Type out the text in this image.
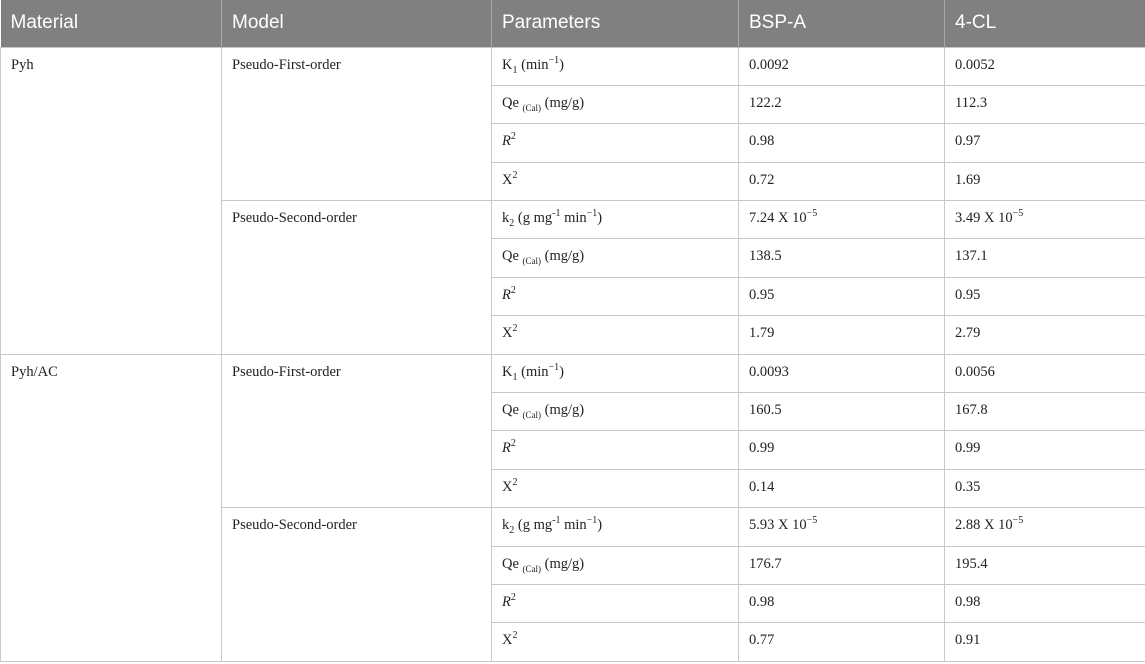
Material	Model	Parameters	BSP-A	4-CL
Pyh	Pseudo-First-order	$K_1$ $(\min^{-1})$	0.0092	0.0052
		Qe $_{(Cal)}$ (mg/g)	122.2	112.3
		$R^2$	0.98	0.97
		$X^2$	0.72	1.69
	Pseudo-Second-order	$k_2$ (g $mg^{-1}$ $\min^{-1}$)	7.24 X $10^{-5}$	3.49 X $10^{-5}$
		Qe $_{(Cal)}$ (mg/g)	138.5	137.1
		$R^2$	0.95	0.95
		$X^2$	1.79	2.79
Pyh/AC	Pseudo-First-order	$K_1$ $(\min^{-1})$	0.0093	0.0056
		Qe $_{(Cal)}$ (mg/g)	160.5	167.8
		$R^2$	0.99	0.99
		$X^2$	0.14	0.35
	Pseudo-Second-order	$k_2$ (g $mg^{-1}$ $\min^{-1}$)	5.93 X $10^{-5}$	2.88 X $10^{-5}$
		Qe $_{(Cal)}$ (mg/g)	176.7	195.4
		$R^2$	0.98	0.98
		$X^2$	0.77	0.91
